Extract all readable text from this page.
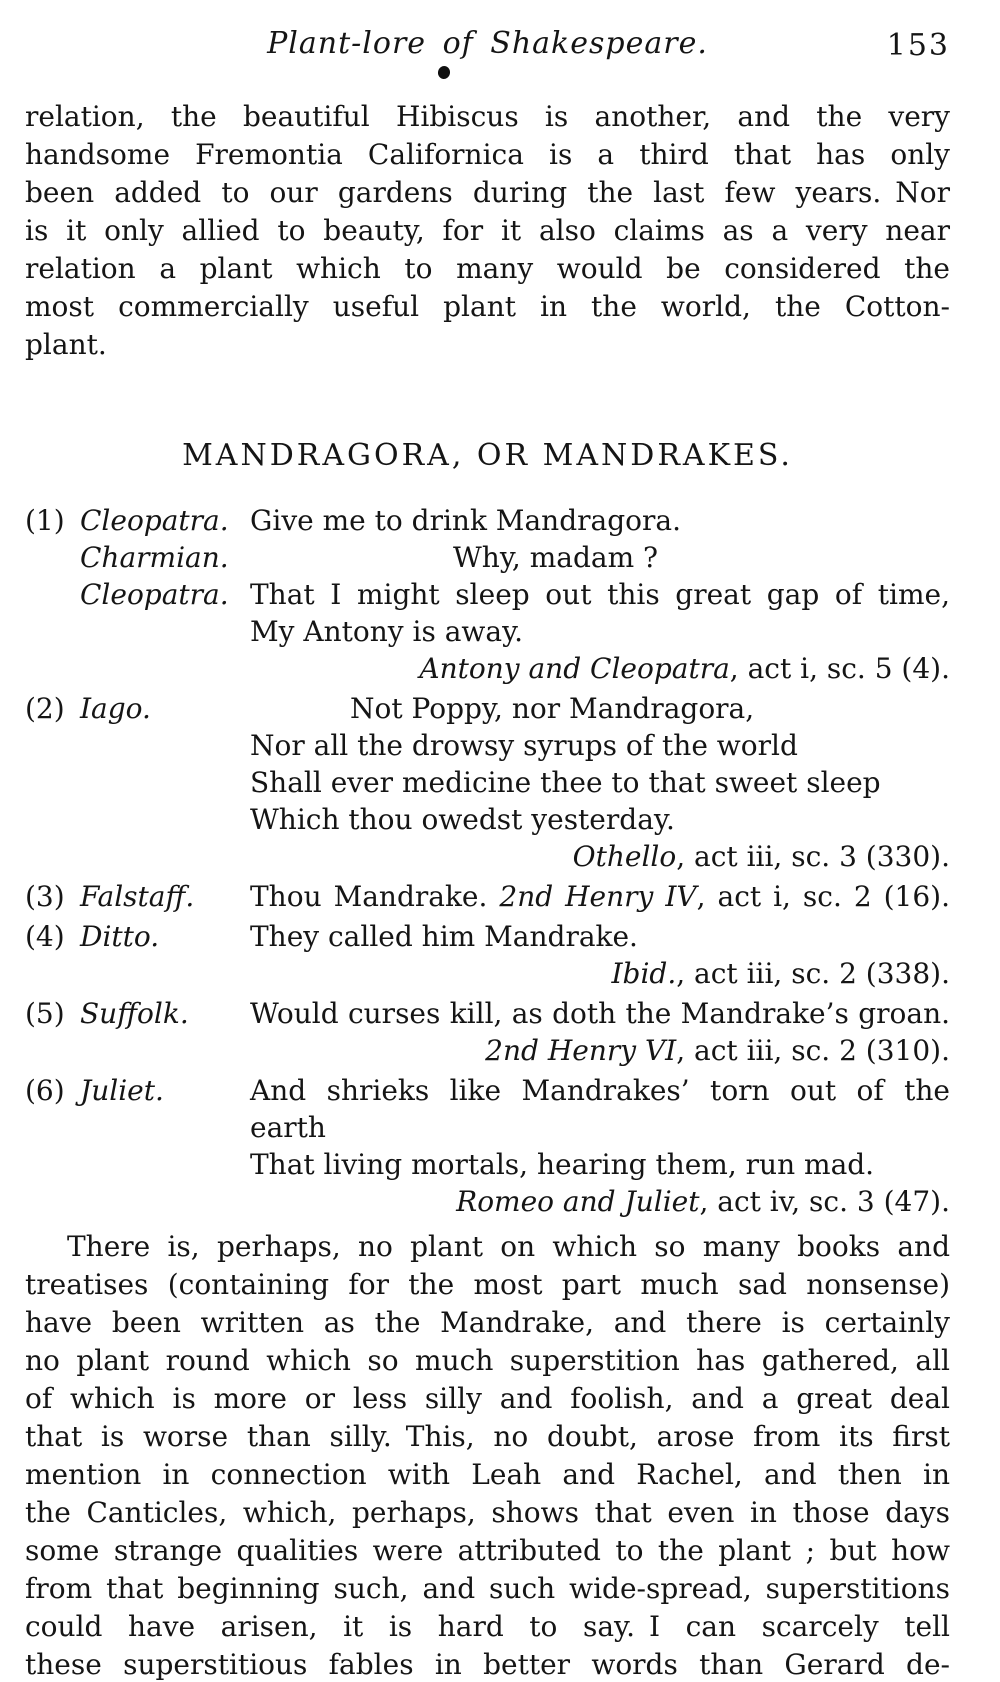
Plant-lore of Shakespeare.	153
relation, the beautiful Hibiscus is another, and the very
handsome Fremontia Californica is a third that has only
been added to our gardens during the last few years. Nor
is it only allied to beauty, for it also claims as a very near
relation a plant which to many would be considered the
most commercially useful plant in the world, the Cotton-
plant.
MANDRAGORA, OR MANDRAKES.
(1) Cleopatra. Give me to drink Mandragora.
Charmian.	Why, madam ?
Cleopatra. That I might sleep out this great gap of time,
My Antony is away.
Antony and Cleopatra, act i, sc. 5 (4).
(2) Iago.	Not Poppy, nor Mandragora,
Nor all the drowsy syrups of the world
Shall ever medicine thee to that sweet sleep
Which thou owedst yesterday.
Othello, act iii, sc. 3 (330).
(3) Falstaff.	Thou Mandrake. 2nd Henry IV, act i, sc. 2 (16).
(4) Ditto.	They called him Mandrake.
Ibid., act iii, sc. 2 (338).
(5) Suffolk.	Would curses kill, as doth the Mandrake’s groan.
2nd Henry VI, act iii, sc. 2 (310).
(6) Juliet.	And shrieks like Mandrakes’ torn out of the earth
That living mortals, hearing them, run mad.
Romeo and Juliet, act iv, sc. 3 (47).
There is, perhaps, no plant on which so many books and
treatises (containing for the most part much sad nonsense)
have been written as the Mandrake, and there is certainly
no plant round which so much superstition has gathered, all
of which is more or less silly and foolish, and a great deal
that is worse than silly. This, no doubt, arose from its first
mention in connection with Leah and Rachel, and then in
the Canticles, which, perhaps, shows that even in those days
some strange qualities were attributed to the plant ; but how
from that beginning such, and such wide-spread, superstitions
could have arisen, it is hard to say. I can scarcely tell
these superstitious fables in better words than Gerard de-
